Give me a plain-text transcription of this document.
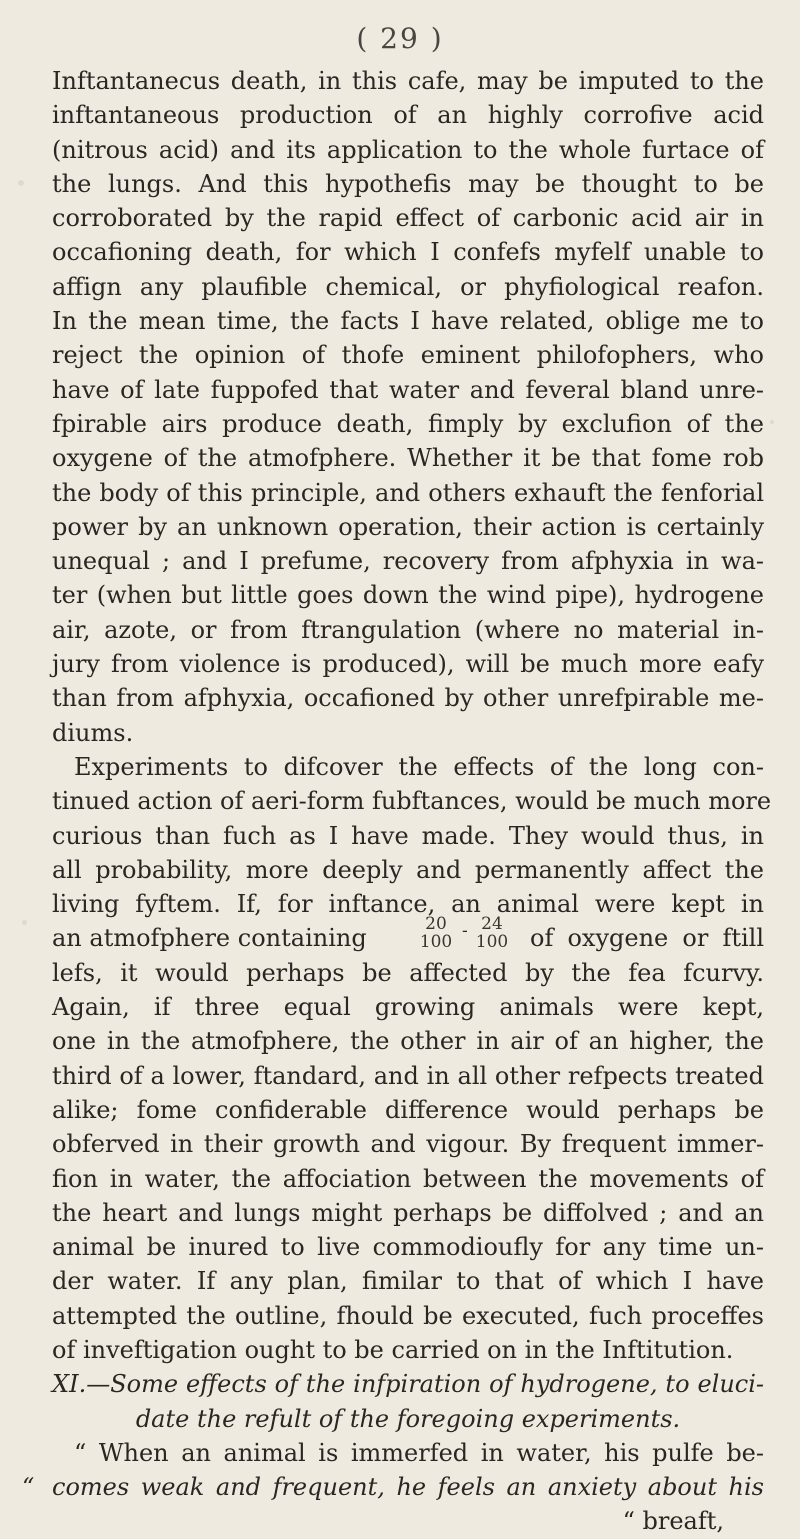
( 29 )
Inftantanecus death, in this cafe, may be imputed to the
inftantaneous production of an highly corrofive acid
(nitrous acid) and its application to the whole furtace of
the lungs. And this hypothefis may be thought to be
corroborated by the rapid effect of carbonic acid air in
occafioning death, for which I confefs myfelf unable to
affign any plaufible chemical, or phyfiological reafon.
In the mean time, the facts I have related, oblige me to
reject the opinion of thofe eminent philofophers, who
have of late fuppofed that water and feveral bland unre-
fpirable airs produce death, fimply by exclufion of the
oxygene of the atmofphere. Whether it be that fome rob
the body of this principle, and others exhauft the fenforial
power by an unknown operation, their action is certainly
unequal ; and I prefume, recovery from afphyxia in wa-
ter (when but little goes down the wind pipe), hydrogene
air, azote, or from ftrangulation (where no material in-
jury from violence is produced), will be much more eafy
than from afphyxia, occafioned by other unrefpirable me-
diums.
Experiments to difcover the effects of the long con-
tinued action of aeri-form fubftances, would be much more
curious than fuch as I have made. They would thus, in
all probability, more deeply and permanently affect the
living fyftem. If, for inftance, an animal were kept in
an atmofphere containing	20
100
- 24
100 of oxygene or ftill
lefs, it would perhaps be affected by the fea fcurvy.
Again, if three equal growing animals were kept,
one in the atmofphere, the other in air of an higher, the
third of a lower, ftandard, and in all other refpects treated
alike; fome confiderable difference would perhaps be
obferved in their growth and vigour. By frequent immer-
fion in water, the affociation between the movements of
the heart and lungs might perhaps be diffolved ; and an
animal be inured to live commodioufly for any time un-
der water. If any plan, fimilar to that of which I have
attempted the outline, fhould be executed, fuch proceffes
of inveftigation ought to be carried on in the Inftitution.
XI.—Some effects of the infpiration of hydrogene, to eluci-
date the refult of the foregoing experiments.
“ When an animal is immerfed in water, his pulfe be-
“ comes weak and frequent, he feels an anxiety about his
“ breaft,
